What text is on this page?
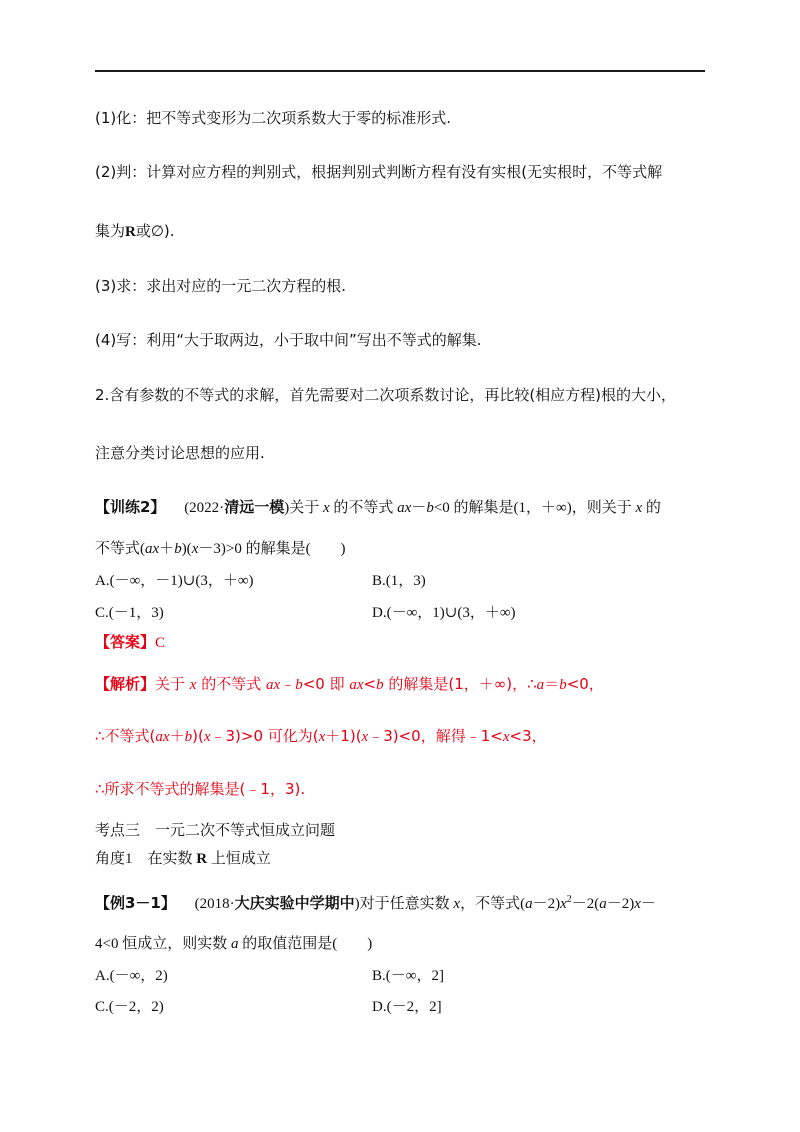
(1)化：把不等式变形为二次项系数大于零的标准形式.
(2)判：计算对应方程的判别式，根据判别式判断方程有没有实根(无实根时，不等式解
集为R或∅).
(3)求：求出对应的一元二次方程的根.
(4)写：利用“大于取两边，小于取中间”写出不等式的解集.
2.含有参数的不等式的求解，首先需要对二次项系数讨论，再比较(相应方程)根的大小，
注意分类讨论思想的应用.
【训练2】  (2022·清远一模)关于 x 的不等式 ax－b<0 的解集是(1，＋∞)，则关于 x 的
不等式(ax＋b)(x－3)>0 的解集是(　　)
A.(－∞，－1)∪(3，＋∞)	B.(1，3)
C.(－1，3)	D.(－∞，1)∪(3，＋∞)
【答案】C
【解析】关于 x 的不等式 ax﹣b<0 即 ax<b 的解集是(1，＋∞)，∴a＝b<0，
∴不等式(ax＋b)(x﹣3)>0 可化为(x＋1)(x﹣3)<0，解得﹣1<x<3，
∴所求不等式的解集是(﹣1，3).
考点三　一元二次不等式恒成立问题
角度1　在实数 R 上恒成立
【例3－1】  (2018·大庆实验中学期中)对于任意实数 x，不等式$(a-2)x^2-2(a-2)x-$
4<0 恒成立，则实数 a 的取值范围是(　　)
A.(－∞，2)	B.(－∞，2]
C.(－2，2)	D.(－2，2]
